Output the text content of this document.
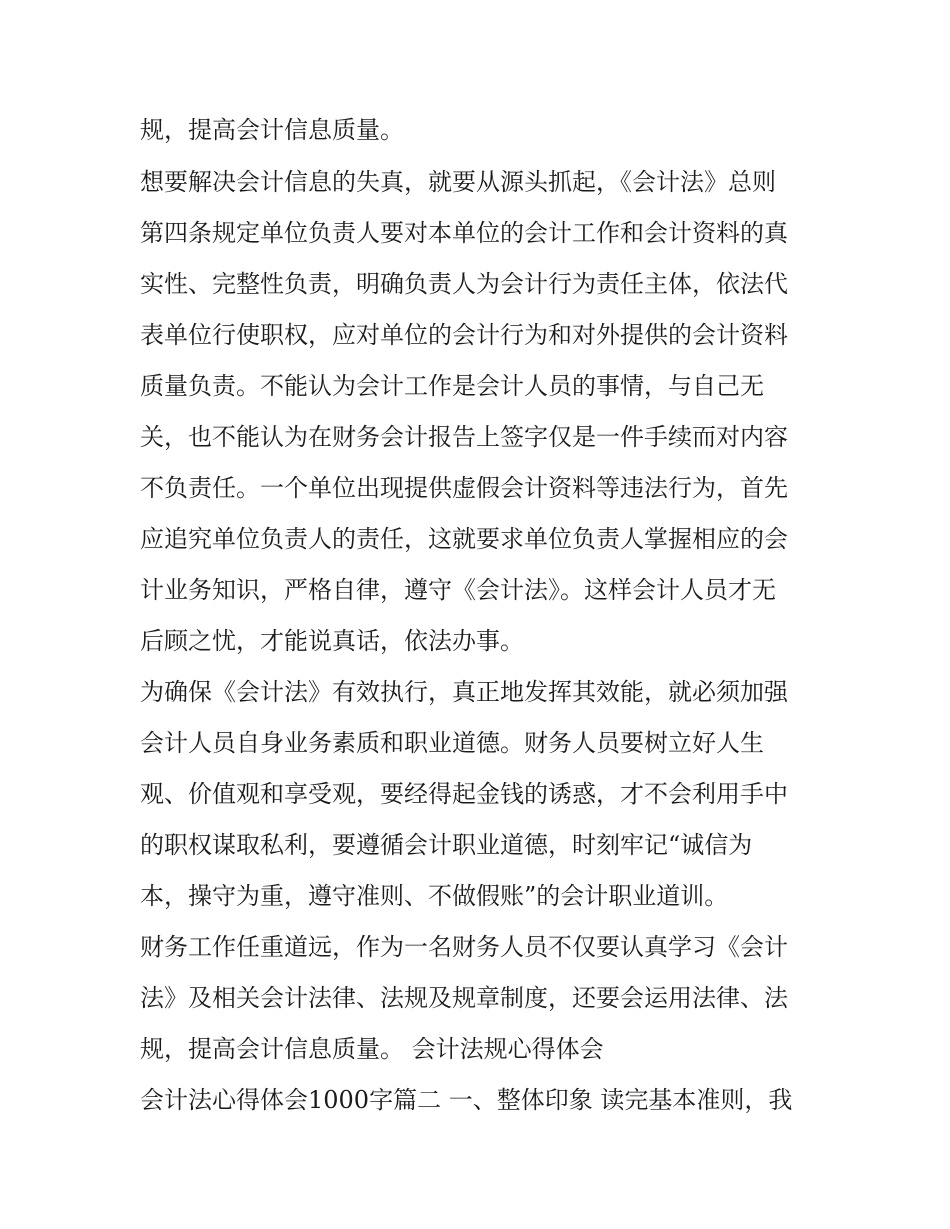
规，提高会计信息质量。

想要解决会计信息的失真，就要从源头抓起，《会计法》总则

第四条规定单位负责人要对本单位的会计工作和会计资料的真

实性、完整性负责，明确负责人为会计行为责任主体，依法代

表单位行使职权，应对单位的会计行为和对外提供的会计资料

质量负责。不能认为会计工作是会计人员的事情，与自己无

关，也不能认为在财务会计报告上签字仅是一件手续而对内容

不负责任。一个单位出现提供虚假会计资料等违法行为，首先

应追究单位负责人的责任，这就要求单位负责人掌握相应的会

计业务知识，严格自律，遵守《会计法》。这样会计人员才无

后顾之忧，才能说真话，依法办事。

为确保《会计法》有效执行，真正地发挥其效能，就必须加强

会计人员自身业务素质和职业道德。财务人员要树立好人生

观、价值观和享受观，要经得起金钱的诱惑，才不会利用手中

的职权谋取私利，要遵循会计职业道德，时刻牢记“诚信为

本，操守为重，遵守准则、不做假账”的会计职业道训。

财务工作任重道远，作为一名财务人员不仅要认真学习《会计

法》及相关会计法律、法规及规章制度，还要会运用法律、法

规，提高会计信息质量。 会计法规心得体会

会计法心得体会1000字篇二 一、整体印象 读完基本准则，我
